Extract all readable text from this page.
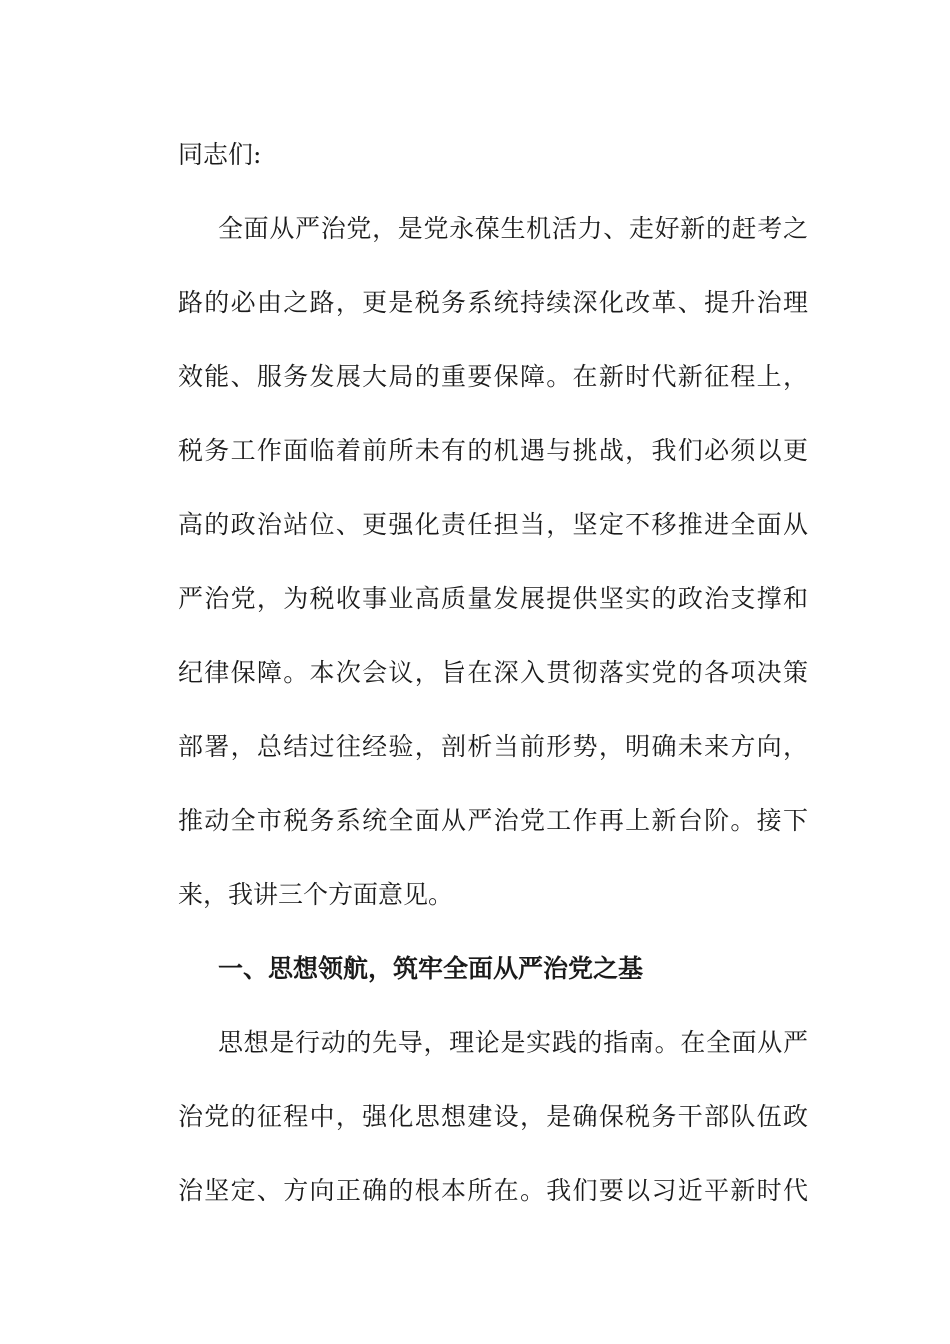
同志们:
全面从严治党，是党永葆生机活力、走好新的赶考之
路的必由之路，更是税务系统持续深化改革、提升治理
效能、服务发展大局的重要保障。在新时代新征程上，
税务工作面临着前所未有的机遇与挑战，我们必须以更
高的政治站位、更强化责任担当，坚定不移推进全面从
严治党，为税收事业高质量发展提供坚实的政治支撑和
纪律保障。本次会议，旨在深入贯彻落实党的各项决策
部署，总结过往经验，剖析当前形势，明确未来方向，
推动全市税务系统全面从严治党工作再上新台阶。接下
来，我讲三个方面意见。
一、思想领航，筑牢全面从严治党之基
思想是行动的先导，理论是实践的指南。在全面从严
治党的征程中，强化思想建设，是确保税务干部队伍政
治坚定、方向正确的根本所在。我们要以习近平新时代
